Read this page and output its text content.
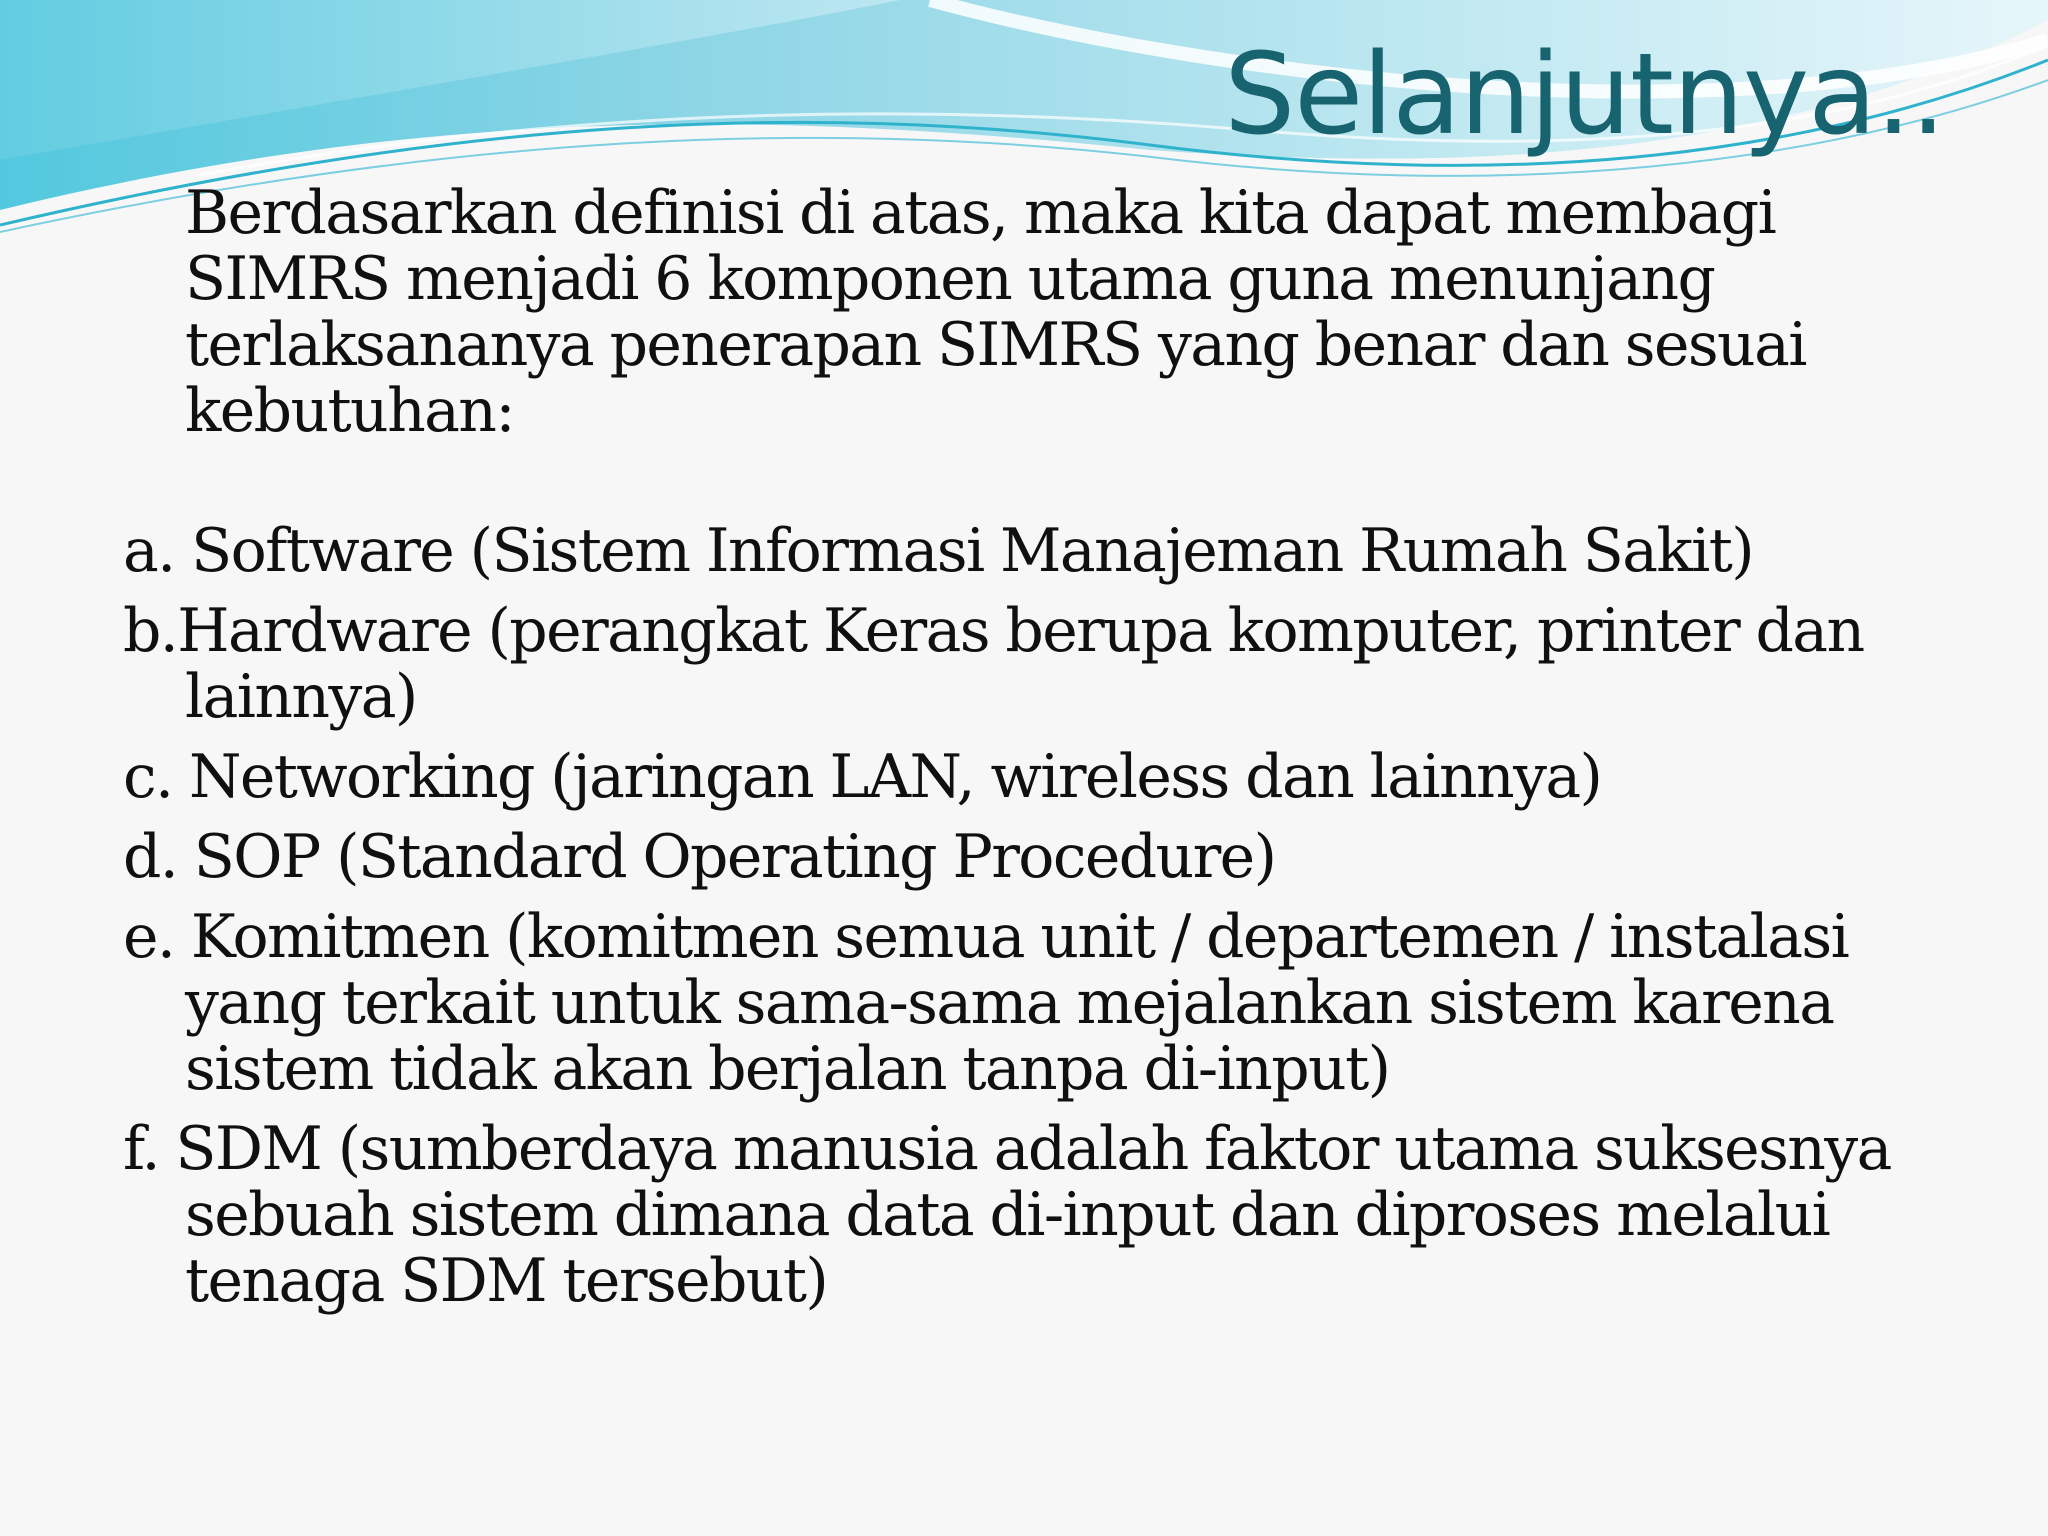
Selanjutnya..

Berdasarkan definisi di atas, maka kita dapat membagi SIMRS menjadi 6 komponen utama guna menunjang terlaksananya penerapan SIMRS yang benar dan sesuai kebutuhan:

a. Software (Sistem Informasi Manajeman Rumah Sakit)
b.Hardware (perangkat Keras berupa komputer, printer dan lainnya)
c. Networking (jaringan LAN, wireless dan lainnya)
d. SOP (Standard Operating Procedure)
e. Komitmen (komitmen semua unit / departemen / instalasi yang terkait untuk sama-sama mejalankan sistem karena sistem tidak akan berjalan tanpa di-input)
f. SDM (sumberdaya manusia adalah faktor utama suksesnya sebuah sistem dimana data di-input dan diproses melalui tenaga SDM tersebut)
